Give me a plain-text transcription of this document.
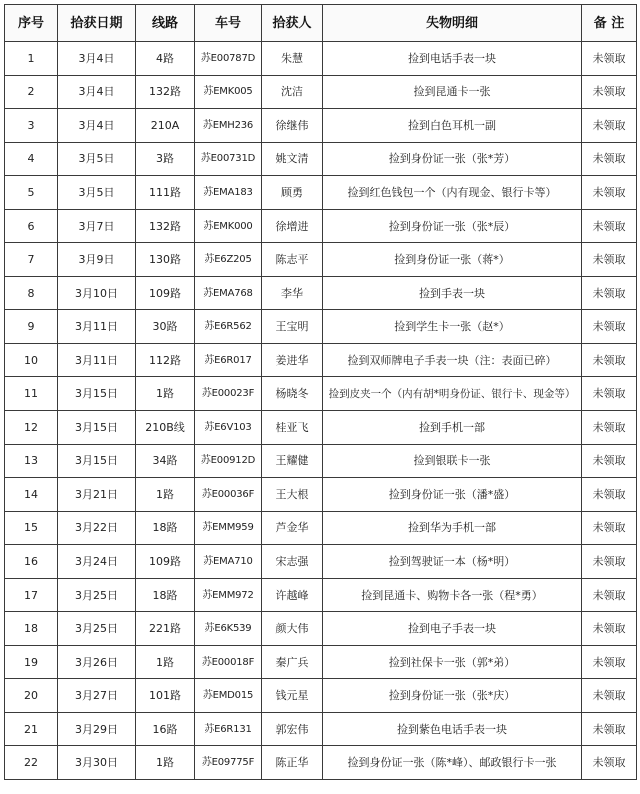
序号	拾获日期	线路	车号	拾获人	失物明细	备 注
1	3月4日	4路	苏E00787D	朱慧	捡到电话手表一块	未领取
2	3月4日	132路	苏EMK005	沈洁	捡到昆通卡一张	未领取
3	3月4日	210A	苏EMH236	徐继伟	捡到白色耳机一副	未领取
4	3月5日	3路	苏E00731D	姚文清	捡到身份证一张（张*芳）	未领取
5	3月5日	111路	苏EMA183	顾勇	捡到红色钱包一个（内有现金、银行卡等）	未领取
6	3月7日	132路	苏EMK000	徐增进	捡到身份证一张（张*辰）	未领取
7	3月9日	130路	苏E6Z205	陈志平	捡到身份证一张（蒋*）	未领取
8	3月10日	109路	苏EMA768	李华	捡到手表一块	未领取
9	3月11日	30路	苏E6R562	王宝明	捡到学生卡一张（赵*）	未领取
10	3月11日	112路	苏E6R017	姜进华	捡到双师牌电子手表一块（注：表面已碎）	未领取
11	3月15日	1路	苏E00023F	杨晓冬	捡到皮夹一个（内有胡*明身份证、银行卡、现金等）	未领取
12	3月15日	210B线	苏E6V103	桂亚飞	捡到手机一部	未领取
13	3月15日	34路	苏E00912D	王耀健	捡到银联卡一张	未领取
14	3月21日	1路	苏E00036F	王大根	捡到身份证一张（潘*盛）	未领取
15	3月22日	18路	苏EMM959	芦金华	捡到华为手机一部	未领取
16	3月24日	109路	苏EMA710	宋志强	捡到驾驶证一本（杨*明）	未领取
17	3月25日	18路	苏EMM972	许越峰	捡到昆通卡、购物卡各一张（程*勇）	未领取
18	3月25日	221路	苏E6K539	颜大伟	捡到电子手表一块	未领取
19	3月26日	1路	苏E00018F	秦广兵	捡到社保卡一张（郭*弟）	未领取
20	3月27日	101路	苏EMD015	钱元星	捡到身份证一张（张*庆）	未领取
21	3月29日	16路	苏E6R131	郭宏伟	捡到紫色电话手表一块	未领取
22	3月30日	1路	苏E09775F	陈正华	捡到身份证一张（陈*峰）、邮政银行卡一张	未领取
